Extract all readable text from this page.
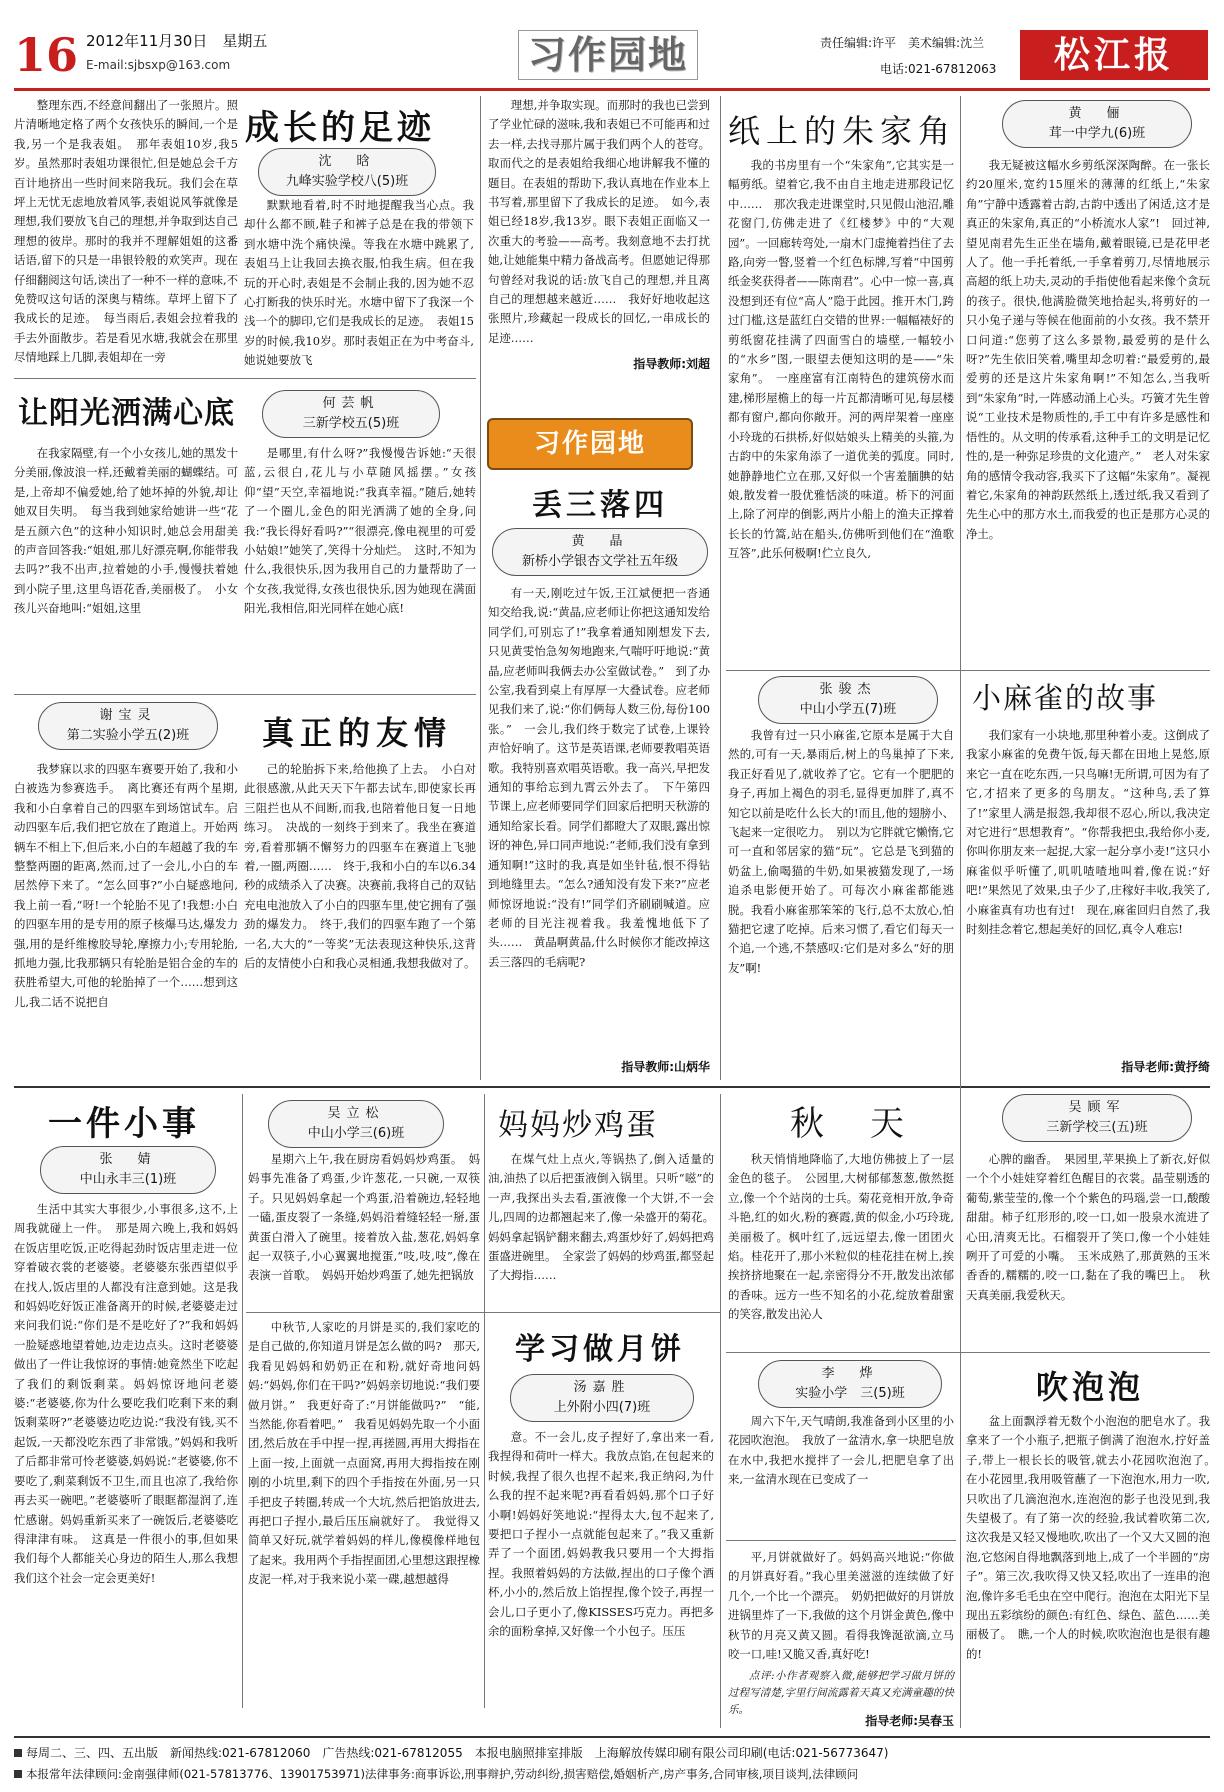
16 2012年11月30日　星期五
E-mail:sjbsxp@163.com	习作园地	责任编辑:许平　美术编辑:沈兰
电话:021-67812063	松江报

整理东西,不经意间翻出了一张照片。照片清晰地定格了两个女孩快乐的瞬间,一个是我,另一个是我表姐。　那年表姐10岁,我5岁。虽然那时表姐功课很忙,但是她总会千方百计地挤出一些时间来陪我玩。我们会在草坪上无忧无虑地放着风筝,表姐说风筝就像是理想,我们要放飞自己的理想,并争取到达自己理想的彼岸。那时的我并不理解姐姐的这番话语,留下的只是一串银铃般的欢笑声。现在仔细翻阅这句话,读出了一种不一样的意味,不免赞叹这句话的深奥与精练。草坪上留下了我成长的足迹。　每当雨后,表姐会拉着我的手去外面散步。若是看见水塘,我就会在那里尽情地踩上几脚,表姐却在一旁

成长的足迹
沈　晗
九峰实验学校八(5)班

默默地看着,时不时地提醒我当心点。我却什么都不顾,鞋子和裤子总是在我的带领下到水塘中洗个痛快澡。等我在水塘中跳累了,表姐马上让我回去换衣服,怕我生病。但在我玩的开心时,表姐是不会制止我的,因为她不忍心打断我的快乐时光。水塘中留下了我深一个浅一个的脚印,它们是我成长的足迹。　表姐15岁的时候,我10岁。那时表姐正在为中考奋斗,她说她要放飞

理想,并争取实现。而那时的我也已尝到了学业忙碌的滋味,我和表姐已不可能再和过去一样,去找寻那片属于我们两个人的苍穹。取而代之的是表姐给我细心地讲解我不懂的题目。在表姐的帮助下,我认真地在作业本上书写着,那里留下了我成长的足迹。　如今,表姐已经18岁,我13岁。眼下表姐正面临又一次重大的考验——高考。我刻意地不去打扰她,让她能集中精力备战高考。但愿她记得那句曾经对我说的话:放飞自己的理想,并且离自己的理想越来越近……　我好好地收起这张照片,珍藏起一段成长的回忆,一串成长的足迹……

指导教师:刘超
让阳光洒满心底	何芸帆
三新学校五(5)班

在我家隔壁,有一个小女孩儿,她的黑发十分美丽,像波浪一样,还戴着美丽的蝴蝶结。可是,上帝却不偏爱她,给了她坏掉的外貌,却让她双目失明。　每当我到她家给她讲一些“花是五颜六色”的这种小知识时,她总会用甜美的声音回答我:“姐姐,那儿好漂亮啊,你能带我去吗?”我不出声,拉着她的小手,慢慢扶着她到小院子里,这里鸟语花香,美丽极了。　小女孩儿兴奋地叫:“姐姐,这里

是哪里,有什么呀?”我慢慢告诉她:“天很蓝,云很白,花儿与小草随风摇摆。”女孩仰“望”天空,幸福地说:“我真幸福。”随后,她转了一个圈儿,金色的阳光洒满了她的全身,问我:“我长得好看吗?”“很漂亮,像电视里的可爱小姑娘!”她笑了,笑得十分灿烂。　这时,不知为什么,我很快乐,因为我用自己的力量帮助了一个女孩,我觉得,女孩也很快乐,因为她现在满面阳光,我相信,阳光同样在她心底!

谢宝灵
第二实验小学五(2)班	真正的友情

我梦寐以求的四驱车赛要开始了,我和小白被选为参赛选手。　离比赛还有两个星期,我和小白拿着自己的四驱车到场馆试车。启动四驱车后,我们把它放在了跑道上。开始两辆车不相上下,但后来,小白的车超越了我的车整整两圈的距离,然而,过了一会儿,小白的车居然停下来了。“怎么回事?”小白疑惑地问,我上前一看,“呀!一个轮胎不见了!我想:小白的四驱车用的是专用的原子核爆马达,爆发力强,用的是纤维橡胶导轮,摩擦力小;专用轮胎,抓地力强,比我那辆只有轮胎是铝合金的车的获胜希望大,可他的轮胎掉了一个……想到这儿,我二话不说把自

己的轮胎拆下来,给他换了上去。　小白对此很感激,从此天天下午都去试车,即使家长再三阻拦也从不间断,而我,也陪着他日复一日地练习。　决战的一刻终于到来了。我坐在赛道旁,看着那辆不懈努力的四驱车在赛道上飞驰着,一圈,两圈……　终于,我和小白的车以6.34秒的成绩杀入了决赛。决赛前,我将自己的双钻充电电池放入了小白的四驱车里,使它拥有了强劲的爆发力。　终于,我们的四驱车跑了一个第一名,大大的“一等奖”无法表现这种快乐,这背后的友情使小白和我心灵相通,我想我做对了。

习作园地
丢三落四
黄　晶
新桥小学银杏文学社五年级

有一天,刚吃过午饭,王江斌便把一沓通知交给我,说:“黄晶,应老师让你把这通知发给同学们,可别忘了!”我拿着通知刚想发下去,只见黄雯怡急匆匆地跑来,气喘吁吁地说:“黄晶,应老师叫我俩去办公室做试卷。”　到了办公室,我看到桌上有厚厚一大叠试卷。应老师见我们来了,说:“你们俩每人数三份,每份100张。”　一会儿,我们终于数完了试卷,上课铃声恰好响了。这节是英语课,老师要教唱英语歌。我特别喜欢唱英语歌。我一高兴,早把发通知的事给忘到九霄云外去了。　下午第四节课上,应老师要同学们回家后把明天秋游的通知给家长看。同学们都瞪大了双眼,露出惊讶的神色,异口同声地说:“老师,我们没有拿到通知啊!”这时的我,真是如坐针毡,恨不得钻到地缝里去。“怎么?通知没有发下来?”应老师惊讶地说:“没有!”同学们齐刷刷喊道。应老师的目光注视着我。我羞愧地低下了头……　黄晶啊黄晶,什么时候你才能改掉这丢三落四的毛病呢?

指导教师:山炳华
纸上的朱家角

我的书房里有一个“朱家角”,它其实是一幅剪纸。望着它,我不由自主地走进那段记忆中……　那次我走进课堂时,只见假山池沼,雕花窗门,仿佛走进了《红楼梦》中的“大观园”。一回廊转弯处,一扇木门虚掩着挡住了去路,向旁一瞥,竖着一个红色标牌,写着“中国剪纸金奖获得者——陈南君”。心中一惊一喜,真没想到还有位“高人”隐于此园。推开木门,跨过门槛,这是蓝红白交错的世界:一幅幅裱好的剪纸窗花挂满了四面雪白的墙壁,一幅较小的“水乡”图,一眼望去便知这明的是——“朱家角”。　一座座富有江南特色的建筑傍水而建,梯形屋檐上的每一片瓦都清晰可见,每层楼都有窗户,都向你敞开。河的两岸架着一座座小玲珑的石拱桥,好似姑娘头上精美的头箍,为古韵中的朱家角添了一道优美的弧度。同时,她静静地伫立在那,又好似一个害羞腼腆的姑娘,散发着一股优雅恬淡的味道。桥下的河面上,除了河岸的倒影,两片小船上的渔夫正撑着长长的竹篙,站在船头,仿佛听到他们在“渔歌互答”,此乐何极啊!伫立良久,

黄　俪
茸一中学九(6)班

我无疑被这幅水乡剪纸深深陶醉。在一张长约20厘米,宽约15厘米的薄薄的红纸上,“朱家角”宁静中透露着古韵,古韵中透出了闲适,这才是真正的朱家角,真正的“小桥流水人家”!　回过神,望见南君先生正坐在墙角,戴着眼镜,已是花甲老人了。他一手托着纸,一手拿着剪刀,尽情地展示高超的纸上功夫,灵动的手指使他看起来像个贪玩的孩子。很快,他满脸微笑地拾起头,将剪好的一只小兔子递与等候在他面前的小女孩。我不禁开口问道:“您剪了这么多景物,最爱剪的是什么呀?”先生依旧笑着,嘴里却念叨着:“最爱剪的,最爱剪的还是这片朱家角啊!”不知怎么,当我听到“朱家角”时,一阵感动涌上心头。巧簧才先生曾说“工业技术是物质性的,手工中有许多是感性和悟性的。从文明的传承看,这种手工的文明是记忆性的,是一种弥足珍贵的文化遗产。”　老人对朱家角的感情令我动容,我买下了这幅“朱家角”。凝视着它,朱家角的神韵跃然纸上,透过纸,我又看到了先生心中的那方水土,而我爱的也正是那方心灵的净土。

张骏杰
中山小学五(7)班	小麻雀的故事

我曾有过一只小麻雀,它原本是属于大自然的,可有一天,暴雨后,树上的鸟巢掉了下来,我正好看见了,就收养了它。它有一个肥肥的身子,再加上褐色的羽毛,显得更加胖了,真不知它以前是吃什么长大的!而且,他的翅膀小、飞起来一定很吃力。　别以为它胖就它懒惰,它可一直和邻居家的猫“玩”。它总是飞到猫的奶盆上,偷喝猫的牛奶,如果被猫发现了,一场追杀电影便开始了。可每次小麻雀都能逃脱。我看小麻雀那笨笨的飞行,总不太放心,怕猫把它逮了吃掉。后来习惯了,看它们每天一个追,一个逃,不禁感叹:它们是对多么“好的朋友”啊!

我们家有一小块地,那里种着小麦。这倒成了我家小麻雀的免费午饭,每天都在田地上晃悠,原来它一直在吃东西,一只鸟嘛!无所谓,可因为有了它,才招来了更多的鸟朋友。“这种鸟,丢了算了!”家里人满是报怨,我却很不忍心,所以,我决定对它进行“思想教育”。“你帮我把虫,我给你小麦,你叫你朋友来一起捉,大家一起分享小麦!”这只小麻雀似乎听懂了,叽叽喳喳地叫着,像在说:“好吧!”果然见了效果,虫子少了,庄稼好丰收,我笑了,小麻雀真有功也有过!　现在,麻雀回归自然了,我时刻挂念着它,想起美好的回忆,真令人难忘!

指导老师:黄抒绮
秋　天	吴顾军
三新学校三(五)班

秋天悄悄地降临了,大地仿佛披上了一层金色的毯子。　公园里,大树郁郁葱葱,傲然挺立,像一个个站岗的士兵。菊花竞相开放,争奇斗艳,红的如火,粉的赛霞,黄的似金,小巧玲珑,美丽极了。枫叶红了,远远望去,像一团团火焰。桂花开了,那小米粒似的桂花挂在树上,挨挨挤挤地聚在一起,亲密得分不开,散发出浓郁的香味。远方一些不知名的小花,绽放着甜蜜的笑容,散发出沁人

心脾的幽香。　果园里,苹果换上了新衣,好似一个个小娃娃穿着红色醒目的衣裳。晶莹剔透的葡萄,紫莹莹的,像一个个紫色的玛瑙,尝一口,酸酸甜甜。柿子红形形的,咬一口,如一股泉水流进了心田,清爽无比。石榴裂开了笑口,像一个小娃娃咧开了可爱的小嘴。　玉米成熟了,那黄熟的玉米香香的,糯糯的,咬一口,黏在了我的嘴巴上。　秋天真美丽,我爱秋天。

一件小事
张　婧
中山永丰三(1)班

生活中其实大事很少,小事很多,这不,上周我就碰上一件。　那是周六晚上,我和妈妈在饭店里吃饭,正吃得起劲时饭店里走进一位穿着破衣裳的老婆婆。老婆婆东张西望似乎在找人,饭店里的人都没有注意到她。这是我和妈妈吃好饭正准备离开的时候,老婆婆走过来问我们说:“你们是不是吃好了?”我和妈妈一脸疑惑地望着她,边走边点头。这时老婆婆做出了一件让我惊讶的事情:她竟然坐下吃起了我们的剩饭剩菜。妈妈惊讶地问老婆婆:“老婆婆,你为什么要吃我们吃剩下来的剩饭剩菜呀?”老婆婆边吃边说:“我没有钱,买不起饭,一天都没吃东西了非常饿。”妈妈和我听了后都非常可怜老婆婆,妈妈说:“老婆婆,你不要吃了,剩菜剩饭不卫生,而且也凉了,我给你再去买一碗吧。”老婆婆听了眼眶都湿润了,连忙感谢。妈妈重新买来了一碗饭后,老婆婆吃得津津有味。　这真是一件很小的事,但如果我们每个人都能关心身边的陌生人,那么我想我们这个社会一定会更美好!

吴立松
中山小学三(6)班	妈妈炒鸡蛋

星期六上午,我在厨房看妈妈炒鸡蛋。　妈妈事先准备了鸡蛋,少许葱花,一只碗,一双筷子。只见妈妈拿起一个鸡蛋,沿着碗边,轻轻地一磕,蛋皮裂了一条缝,妈妈沿着缝轻轻一掰,蛋黄蛋白滑入了碗里。接着放入盐,葱花,妈妈拿起一双筷子,小心翼翼地搅蛋,“吱,吱,吱”,像在表演一首歌。　妈妈开始炒鸡蛋了,她先把锅放

在煤气灶上点火,等锅热了,倒入适量的油,油热了以后把蛋液倒入锅里。只听“嗞”的一声,我探出头去看,蛋液像一个大饼,不一会儿,四周的边都翘起来了,像一朵盛开的菊花。妈妈拿起锅铲翻来翻去,鸡蛋炒好了,妈妈把鸡蛋盛进碗里。　全家尝了妈妈的炒鸡蛋,都竖起了大拇指……

中秋节,人家吃的月饼是买的,我们家吃的是自己做的,你知道月饼是怎么做的吗?　那天,我看见妈妈和奶奶正在和粉,就好奇地问妈妈:“妈妈,你们在干吗?”妈妈亲切地说:“我们要做月饼。”　我更好奇了:“月饼能做吗?”　“能,当然能,你看着吧。”　我看见妈妈先取一个小面团,然后放在手中捏一捏,再搓圆,再用大拇指在上面一按,上面就一点面窝,再用大拇指按在刚刚的小坑里,剩下的四个手指按在外面,另一只手把皮子转圈,转成一个大坑,然后把馅放进去,再把口子捏小,最后压压扁就好了。　我觉得又简单又好玩,就学着妈妈的样儿,像模像样地包了起来。我用两个手指捏面团,心里想这跟捏橡皮泥一样,对于我来说小菜一碟,越想越得

学习做月饼
汤嘉胜
上外附小四(7)班

意。不一会儿,皮子捏好了,拿出来一看,我捏得和荷叶一样大。我放点馅,在包起来的时候,我捏了很久也捏不起来,我正纳闷,为什么我的捏不起来呢?再看看妈妈,那个口子好小啊!妈妈好笑地说:“捏得太大,包不起来了,要把口子捏小一点就能包起来了。”我又重新弄了一个面团,妈妈教我只要用一个大拇指捏。我照着妈妈的方法做,捏出的口子像个酒杯,小小的,然后放上馅捏捏,像个饺子,再捏一会儿,口子更小了,像KISSES巧克力。再把多余的面粉拿掉,又好像一个小包子。压压

平,月饼就做好了。妈妈高兴地说:“你做的月饼真好看。”我心里美滋滋的连续做了好几个,一个比一个漂亮。　奶奶把做好的月饼放进锅里炸了一下,我做的这个月饼金黄色,像中秋节的月亮又黄又圆。看得我馋涎欲滴,立马咬一口,哇!又脆又香,真好吃!

点评:小作者观察入微,能够把学习做月饼的过程写清楚,字里行间流露着天真又充满童趣的快乐。

指导老师:吴春玉
李　烨
实验小学　三(5)班	吹泡泡

周六下午,天气晴朗,我准备到小区里的小花园吹泡泡。　我放了一盆清水,拿一块肥皂放在水中,我把水搅拌了一会儿,把肥皂拿了出来,一盆清水现在已变成了一

盆上面飘浮着无数个小泡泡的肥皂水了。我拿来了一个小瓶子,把瓶子倒满了泡泡水,拧好盖子,带上一根长长的吸管,就去小花园吹泡泡了。　在小花园里,我用吸管蘸了一下泡泡水,用力一吹,只吹出了几滴泡泡水,连泡泡的影子也没见到,我失望极了。有了第一次的经验,我试着吹第二次,这次我是又轻又慢地吹,吹出了一个又大又圆的泡泡,它悠闲自得地飘落到地上,成了一个半圆的“房子”。第三次,我吹得又快又轻,吹出了一连串的泡泡,像许多毛毛虫在空中爬行。泡泡在太阳光下呈现出五彩缤纷的颜色:有红色、绿色、蓝色……美丽极了。　瞧,一个人的时候,吹吹泡泡也是很有趣的!

每周二、三、四、五出版　新闻热线:021-67812060　广告热线:021-67812055　本报电脑照排室排版　上海解放传媒印刷有限公司印刷(电话:021-56773647)
本报常年法律顾问:金南强律师(021-57813776、13901753971)法律事务:商事诉讼,刑事辩护,劳动纠纷,损害赔偿,婚姻析产,房产事务,合同审核,项目谈判,法律顾问
